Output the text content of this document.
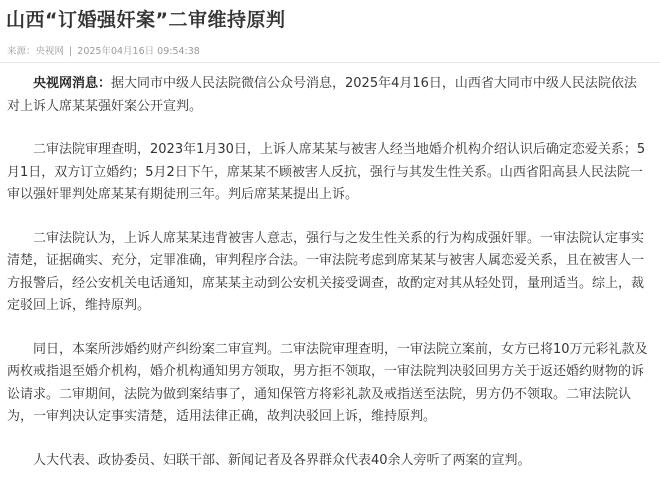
山西“订婚强奸案”二审维持原判
来源：央视网 | 2025年04月16日 09:54:38

央视网消息：据大同市中级人民法院微信公众号消息，2025年4月16日，山西省大同市中级人民法院依法对上诉人席某某强奸案公开宣判。

二审法院审理查明，2023年1月30日，上诉人席某某与被害人经当地婚介机构介绍认识后确定恋爱关系；5月1日，双方订立婚约；5月2日下午，席某某不顾被害人反抗，强行与其发生性关系。山西省阳高县人民法院一审以强奸罪判处席某某有期徒刑三年。判后席某某提出上诉。

二审法院认为，上诉人席某某违背被害人意志，强行与之发生性关系的行为构成强奸罪。一审法院认定事实清楚，证据确实、充分，定罪准确，审判程序合法。一审法院考虑到席某某与被害人属恋爱关系，且在被害人一方报警后，经公安机关电话通知，席某某主动到公安机关接受调查，故酌定对其从轻处罚，量刑适当。综上，裁定驳回上诉，维持原判。

同日，本案所涉婚约财产纠纷案二审宣判。二审法院审理查明，一审法院立案前，女方已将10万元彩礼款及两枚戒指退至婚介机构，婚介机构通知男方领取，男方拒不领取，一审法院判决驳回男方关于返还婚约财物的诉讼请求。二审期间，法院为做到案结事了，通知保管方将彩礼款及戒指送至法院，男方仍不领取。二审法院认为，一审判决认定事实清楚，适用法律正确，故判决驳回上诉，维持原判。

人大代表、政协委员、妇联干部、新闻记者及各界群众代表40余人旁听了两案的宣判。
